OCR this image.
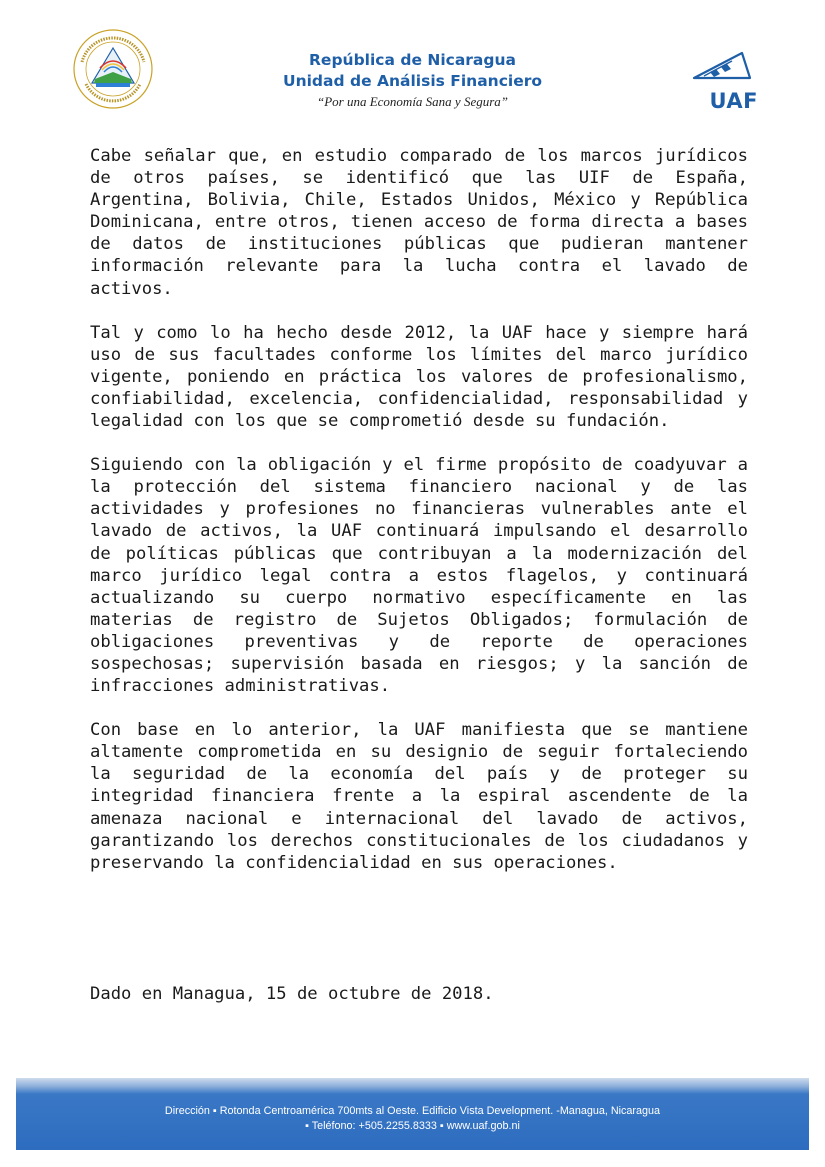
República de Nicaragua
Unidad de Análisis Financiero
“Por una Economía Sana y Segura”	UAF

Cabe señalar que, en estudio comparado de los marcos jurídicos de otros países, se identificó que las UIF de España, Argentina, Bolivia, Chile, Estados Unidos, México y República Dominicana, entre otros, tienen acceso de forma directa a bases de datos de instituciones públicas que pudieran mantener información relevante para la lucha contra el lavado de activos.

Tal y como lo ha hecho desde 2012, la UAF hace y siempre hará uso de sus facultades conforme los límites del marco jurídico vigente, poniendo en práctica los valores de profesionalismo, confiabilidad, excelencia, confidencialidad, responsabilidad y legalidad con los que se comprometió desde su fundación.

Siguiendo con la obligación y el firme propósito de coadyuvar a la protección del sistema financiero nacional y de las actividades y profesiones no financieras vulnerables ante el lavado de activos, la UAF continuará impulsando el desarrollo de políticas públicas que contribuyan a la modernización del marco jurídico legal contra a estos flagelos, y continuará actualizando su cuerpo normativo específicamente en las materias de registro de Sujetos Obligados; formulación de obligaciones preventivas y de reporte de operaciones sospechosas; supervisión basada en riesgos; y la sanción de infracciones administrativas.

Con base en lo anterior, la UAF manifiesta que se mantiene altamente comprometida en su designio de seguir fortaleciendo la seguridad de la economía del país y de proteger su integridad financiera frente a la espiral ascendente de la amenaza nacional e internacional del lavado de activos, garantizando los derechos constitucionales de los ciudadanos y preservando la confidencialidad en sus operaciones.

Dado en Managua, 15 de octubre de 2018.
Dirección ▪ Rotonda Centroamérica 700mts al Oeste. Edificio Vista Development. -Managua, Nicaragua
▪ Teléfono: +505.2255.8333 ▪ www.uaf.gob.ni
